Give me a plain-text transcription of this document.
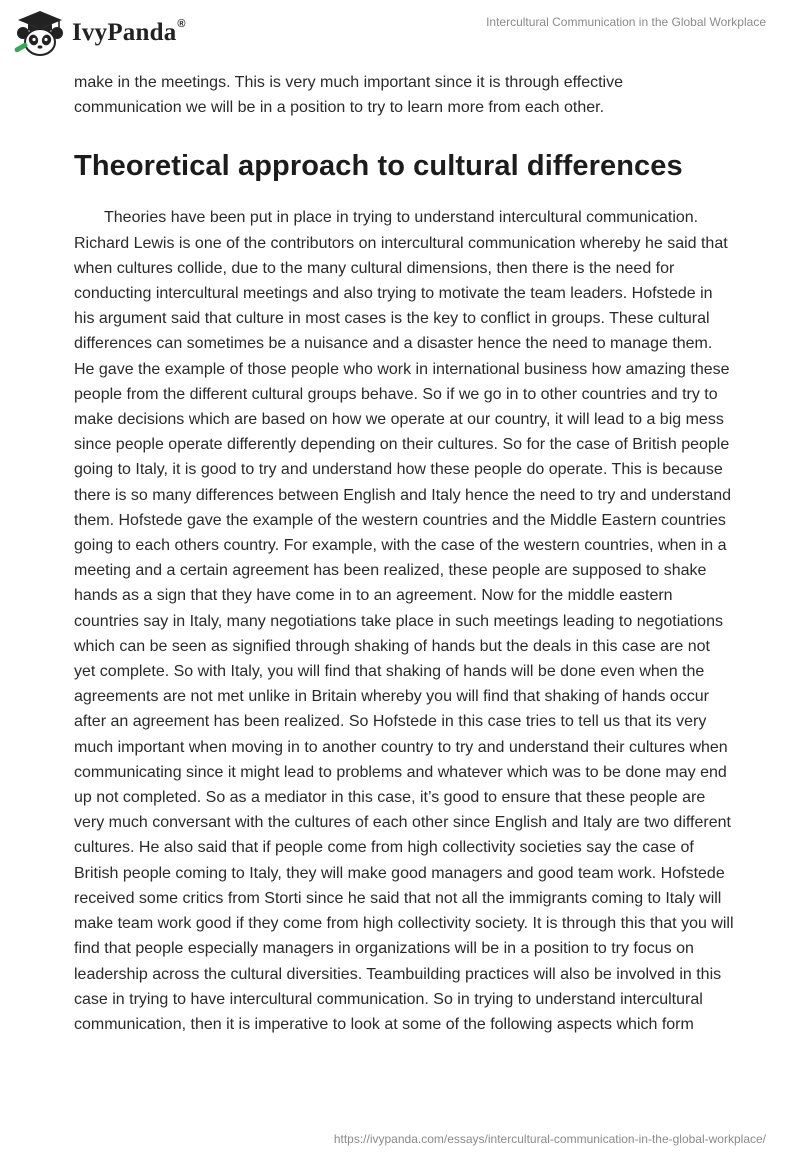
IvyPanda®	Intercultural Communication in the Global Workplace

make in the meetings. This is very much important since it is through effective communication we will be in a position to try to learn more from each other.

Theoretical approach to cultural differences

Theories have been put in place in trying to understand intercultural communication. Richard Lewis is one of the contributors on intercultural communication whereby he said that when cultures collide, due to the many cultural dimensions, then there is the need for conducting intercultural meetings and also trying to motivate the team leaders. Hofstede in his argument said that culture in most cases is the key to conflict in groups. These cultural differences can sometimes be a nuisance and a disaster hence the need to manage them. He gave the example of those people who work in international business how amazing these people from the different cultural groups behave. So if we go in to other countries and try to make decisions which are based on how we operate at our country, it will lead to a big mess since people operate differently depending on their cultures. So for the case of British people going to Italy, it is good to try and understand how these people do operate. This is because there is so many differences between English and Italy hence the need to try and understand them. Hofstede gave the example of the western countries and the Middle Eastern countries going to each others country. For example, with the case of the western countries, when in a meeting and a certain agreement has been realized, these people are supposed to shake hands as a sign that they have come in to an agreement. Now for the middle eastern countries say in Italy, many negotiations take place in such meetings leading to negotiations which can be seen as signified through shaking of hands but the deals in this case are not yet complete. So with Italy, you will find that shaking of hands will be done even when the agreements are not met unlike in Britain whereby you will find that shaking of hands occur after an agreement has been realized. So Hofstede in this case tries to tell us that its very much important when moving in to another country to try and understand their cultures when communicating since it might lead to problems and whatever which was to be done may end up not completed. So as a mediator in this case, it’s good to ensure that these people are very much conversant with the cultures of each other since English and Italy are two different cultures. He also said that if people come from high collectivity societies say the case of British people coming to Italy, they will make good managers and good team work. Hofstede received some critics from Storti since he said that not all the immigrants coming to Italy will make team work good if they come from high collectivity society. It is through this that you will find that people especially managers in organizations will be in a position to try focus on leadership across the cultural diversities. Teambuilding practices will also be involved in this case in trying to have intercultural communication. So in trying to understand intercultural communication, then it is imperative to look at some of the following aspects which form

https://ivypanda.com/essays/intercultural-communication-in-the-global-workplace/
